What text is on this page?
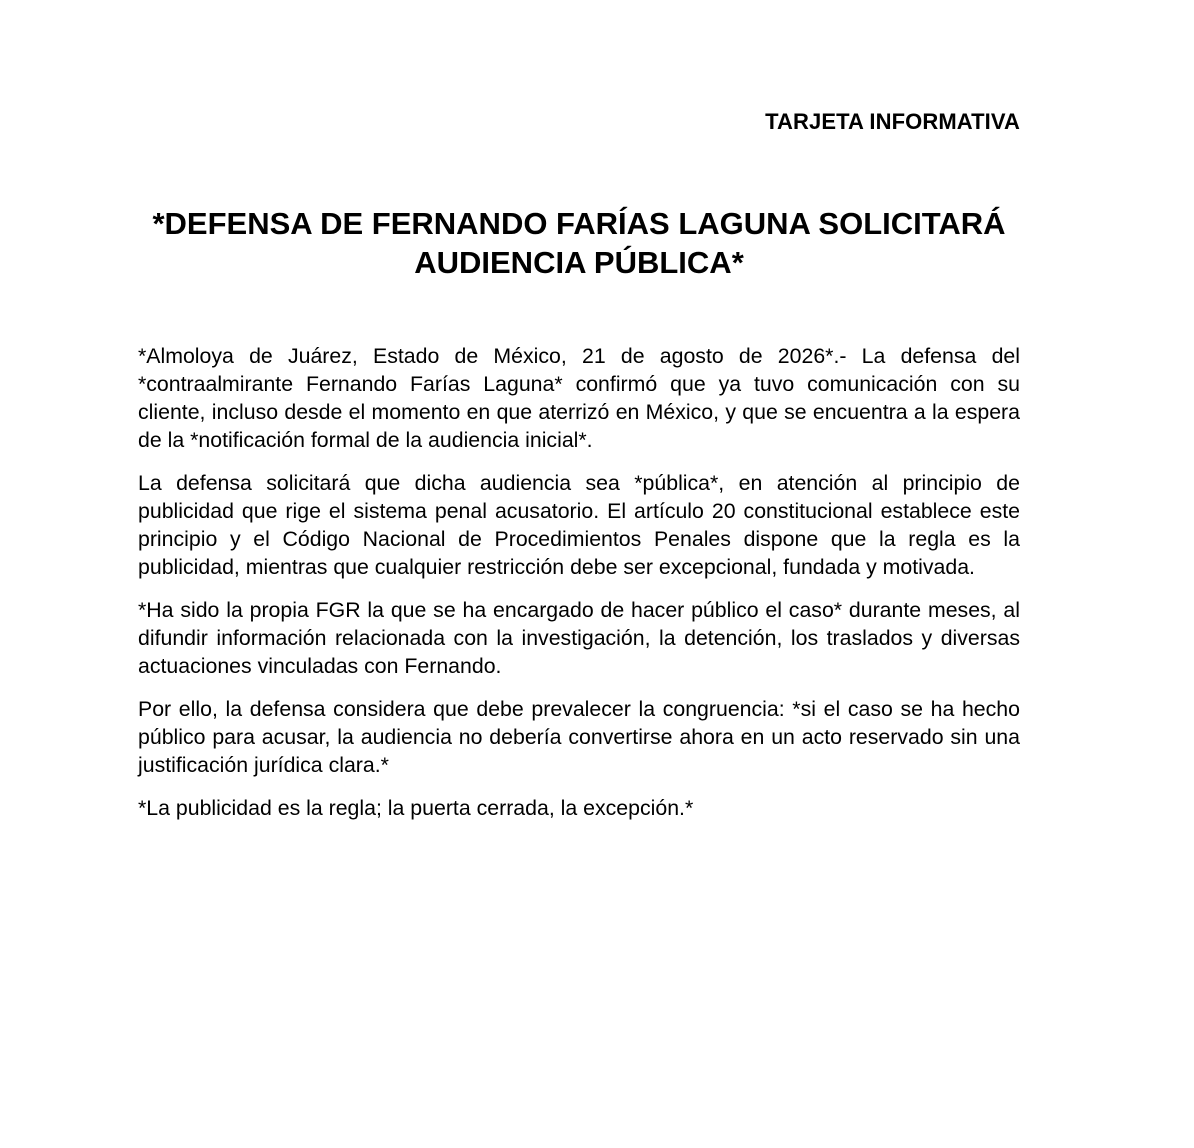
TARJETA INFORMATIVA
*DEFENSA DE FERNANDO FARÍAS LAGUNA SOLICITARÁ
AUDIENCIA PÚBLICA*

*Almoloya de Juárez, Estado de México, 21 de agosto de 2026*.- La defensa del *contraalmirante Fernando Farías Laguna* confirmó que ya tuvo comunicación con su cliente, incluso desde el momento en que aterrizó en México, y que se encuentra a la espera de la *notificación formal de la audiencia inicial*.

La defensa solicitará que dicha audiencia sea *pública*, en atención al principio de publicidad que rige el sistema penal acusatorio. El artículo 20 constitucional establece este principio y el Código Nacional de Procedimientos Penales dispone que la regla es la publicidad, mientras que cualquier restricción debe ser excepcional, fundada y motivada.

*Ha sido la propia FGR la que se ha encargado de hacer público el caso* durante meses, al difundir información relacionada con la investigación, la detención, los traslados y diversas actuaciones vinculadas con Fernando.

Por ello, la defensa considera que debe prevalecer la congruencia: *si el caso se ha hecho público para acusar, la audiencia no debería convertirse ahora en un acto reservado sin una justificación jurídica clara.*

*La publicidad es la regla; la puerta cerrada, la excepción.*
